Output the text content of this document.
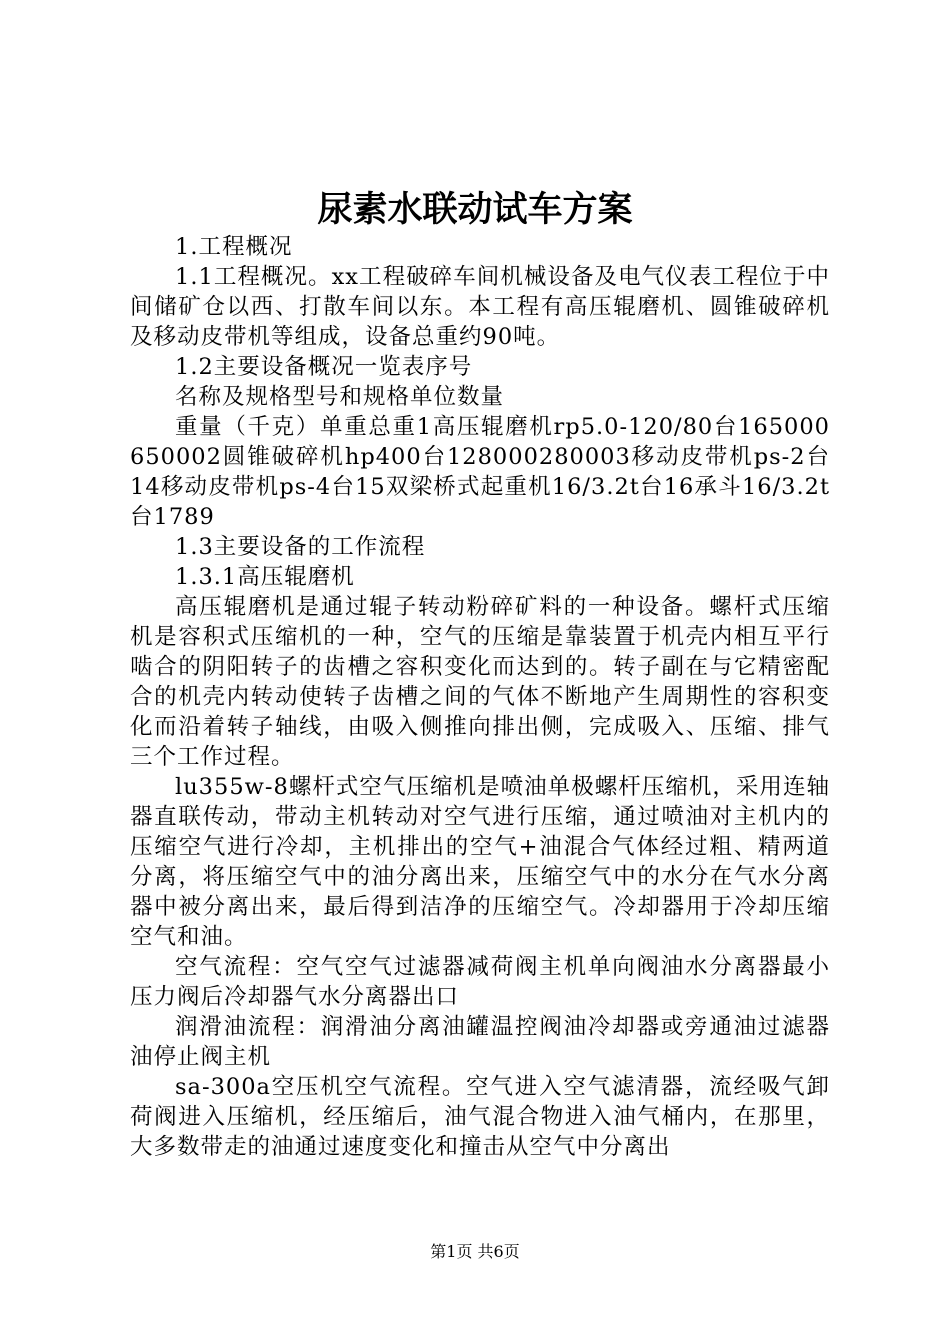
尿素水联动试车方案

1.工程概况

1.1工程概况。xx工程破碎车间机械设备及电气仪表工程位于中间储矿仓以西、打散车间以东。本工程有高压辊磨机、圆锥破碎机及移动皮带机等组成，设备总重约90吨。

1.2主要设备概况一览表序号

名称及规格型号和规格单位数量

重量（千克）单重总重1高压辊磨机rp5.0-120/80台165000650002圆锥破碎机hp400台128000280003移动皮带机ps-2台14移动皮带机ps-4台15双梁桥式起重机16/3.2t台16承斗16/3.2t台1789

1.3主要设备的工作流程

1.3.1高压辊磨机

高压辊磨机是通过辊子转动粉碎矿料的一种设备。螺杆式压缩机是容积式压缩机的一种，空气的压缩是靠装置于机壳内相互平行啮合的阴阳转子的齿槽之容积变化而达到的。转子副在与它精密配合的机壳内转动使转子齿槽之间的气体不断地产生周期性的容积变化而沿着转子轴线，由吸入侧推向排出侧，完成吸入、压缩、排气三个工作过程。

lu355w-8螺杆式空气压缩机是喷油单极螺杆压缩机，采用连轴器直联传动，带动主机转动对空气进行压缩，通过喷油对主机内的压缩空气进行冷却，主机排出的空气+油混合气体经过粗、精两道分离，将压缩空气中的油分离出来，压缩空气中的水分在气水分离器中被分离出来，最后得到洁净的压缩空气。冷却器用于冷却压缩空气和油。

空气流程：空气空气过滤器减荷阀主机单向阀油水分离器最小压力阀后冷却器气水分离器出口

润滑油流程：润滑油分离油罐温控阀油冷却器或旁通油过滤器油停止阀主机

sa-300a空压机空气流程。空气进入空气滤清器，流经吸气卸荷阀进入压缩机，经压缩后，油气混合物进入油气桶内，在那里，大多数带走的油通过速度变化和撞击从空气中分离出

第1页 共6页
